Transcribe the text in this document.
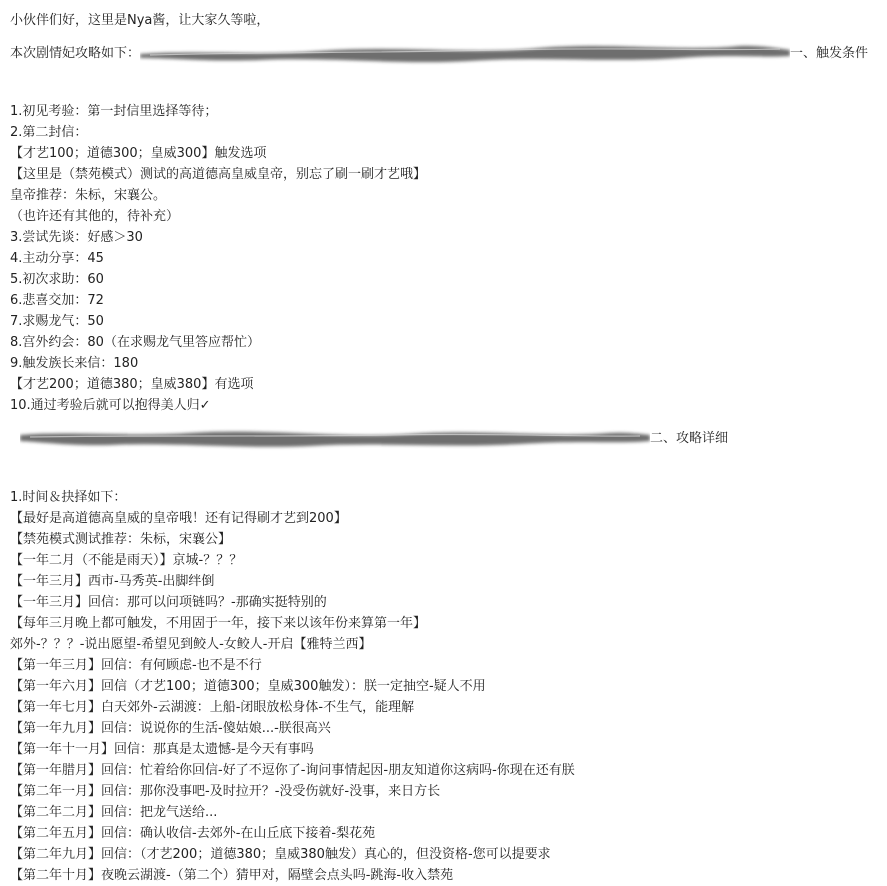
小伙伴们好，这里是Nya酱，让大家久等啦，
本次剧情妃攻略如下：	一、触发条件
1.初见考验：第一封信里选择等待；
2.第二封信：
【才艺100；道德300；皇威300】触发选项
【这里是（禁苑模式）测试的高道德高皇威皇帝，别忘了刷一刷才艺哦】
皇帝推荐：朱标，宋襄公。
（也许还有其他的，待补充）
3.尝试先谈：好感＞30
4.主动分享：45
5.初次求助：60
6.悲喜交加：72
7.求赐龙气：50
8.宫外约会：80（在求赐龙气里答应帮忙）
9.触发族长来信：180
【才艺200；道德380；皇威380】有选项
10.通过考验后就可以抱得美人归✓
二、攻略详细
1.时间＆抉择如下：
【最好是高道德高皇威的皇帝哦！还有记得刷才艺到200】
【禁苑模式测试推荐：朱标，宋襄公】
【一年二月（不能是雨天）】京城-？？？
【一年三月】西市-马秀英-出脚绊倒
【一年三月】回信：那可以问项链吗？-那确实挺特别的
【每年三月晚上都可触发，不用固于一年，接下来以该年份来算第一年】
郊外-？？？-说出愿望-希望见到鲛人-女鲛人-开启【雅特兰西】
【第一年三月】回信：有何顾虑-也不是不行
【第一年六月】回信（才艺100；道德300；皇威300触发）：朕一定抽空-疑人不用
【第一年七月】白天郊外-云湖渡：上船-闭眼放松身体-不生气，能理解
【第一年九月】回信：说说你的生活-傻姑娘...-朕很高兴
【第一年十一月】回信：那真是太遗憾-是今天有事吗
【第一年腊月】回信：忙着给你回信-好了不逗你了-询问事情起因-朋友知道你这病吗-你现在还有朕
【第二年一月】回信：那你没事吧-及时拉开？-没受伤就好-没事，来日方长
【第二年二月】回信：把龙气送给...
【第二年五月】回信：确认收信-去郊外-在山丘底下接着-梨花苑
【第二年九月】回信：（才艺200；道德380；皇威380触发）真心的，但没资格-您可以提要求
【第二年十月】夜晚云湖渡-（第二个）猜甲对，隔壁会点头吗-跳海-收入禁苑
